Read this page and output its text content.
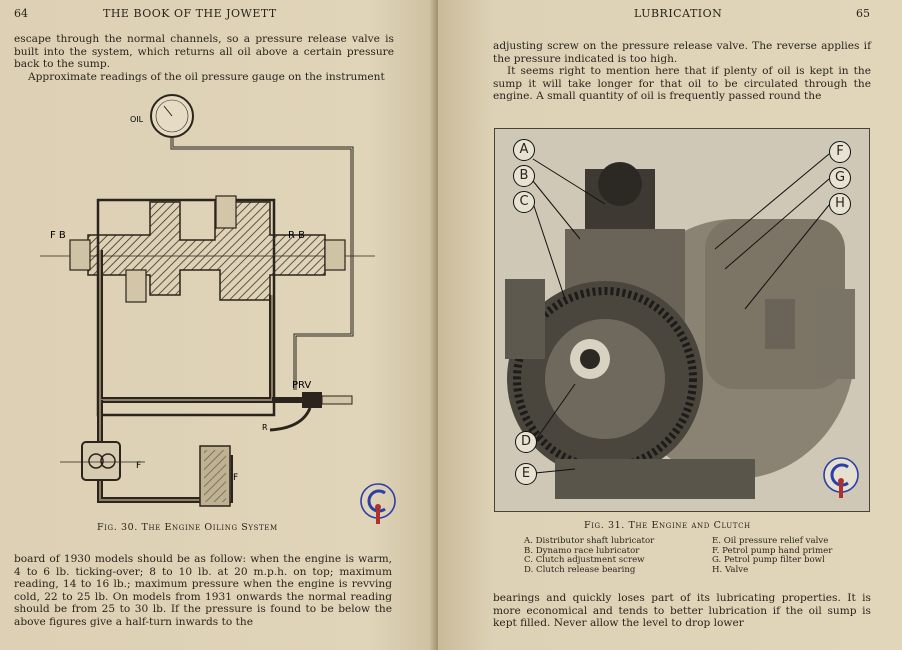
64	THE BOOK OF THE JOWETT

escape through the normal channels, so a pressure release valve is built into the system, which returns all oil above a certain pressure back to the sump.

Approximate readings of the oil pressure gauge on the instrument

OIL
PRV
R
F B	R B
F
F
Fig. 30. The Engine Oiling System
board of 1930 models should be as follow: when the engine is warm, 4 to 6 lb. ticking-over; 8 to 10 lb. at 20 m.p.h. on top; maximum reading, 14 to 16 lb.; maximum pressure when the engine is revving cold, 22 to 25 lb. On models from 1931 onwards the normal reading should be from 25 to 30 lb. If the pressure is found to be below the above figures give a half-turn inwards to the
LUBRICATION	65

adjusting screw on the pressure release valve. The reverse applies if the pressure indicated is too high.

It seems right to mention here that if plenty of oil is kept in the sump it will take longer for that oil to be circulated through the engine. A small quantity of oil is frequently passed round the

A
B
C
D
E
F
G
H
Fig. 31. The Engine and Clutch
A. Distributor shaft lubricator
B. Dynamo race lubricator
C. Clutch adjustment screw
D. Clutch release bearing
E. Oil pressure relief valve
F. Petrol pump hand primer
G. Petrol pump filter bowl
H. Valve
bearings and quickly loses part of its lubricating properties. It is more economical and tends to better lubrication if the oil sump is kept filled. Never allow the level to drop lower
